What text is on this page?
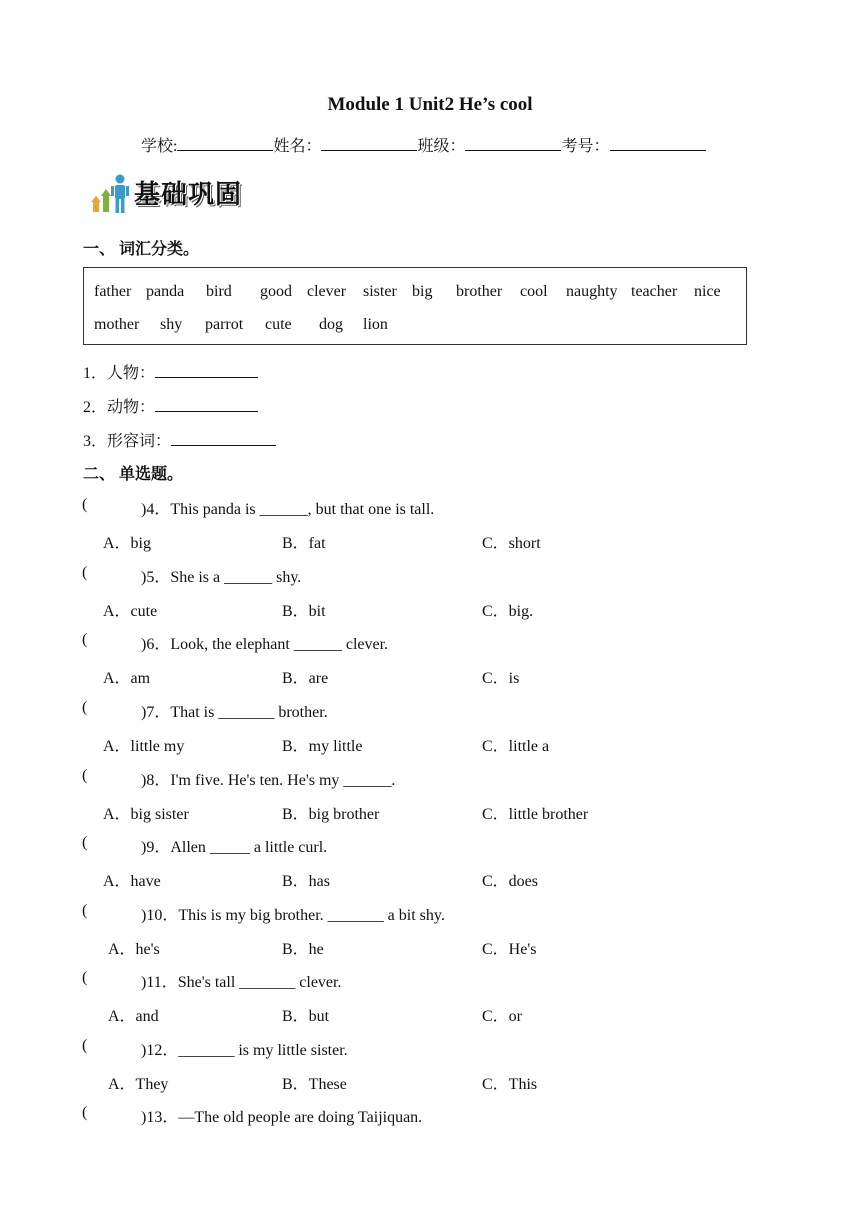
Module 1 Unit2 He’s cool
学校:	姓名：	班级：	考号：
基础巩固
一、 词汇分类。
father panda bird good clever sister big brother cool naughty teacher nice
mother shy parrot cute dog lion
1．人物：
2．动物：
3．形容词：
二、 单选题。
(	)4．This panda is ______, but that one is tall.
A．big	B．fat	C．short
(	)5．She is a ______ shy.
A．cute	B．bit	C．big.
(	)6．Look, the elephant ______ clever.
A．am	B．are	C．is
(	)7．That is _______ brother.
A．little my	B．my little	C．little a
(	)8．I'm five. He's ten. He's my ______.
A．big sister	B．big brother	C．little brother
(	)9．Allen _____ a little curl.
A．have	B．has	C．does
(	)10．This is my big brother. _______ a bit shy.
A．he's	B．he	C．He's
(	)11．She's tall _______ clever.
A．and	B．but	C．or
(	)12．_______ is my little sister.
A．They	B．These	C．This
(	)13．—The old people are doing Taijiquan.
